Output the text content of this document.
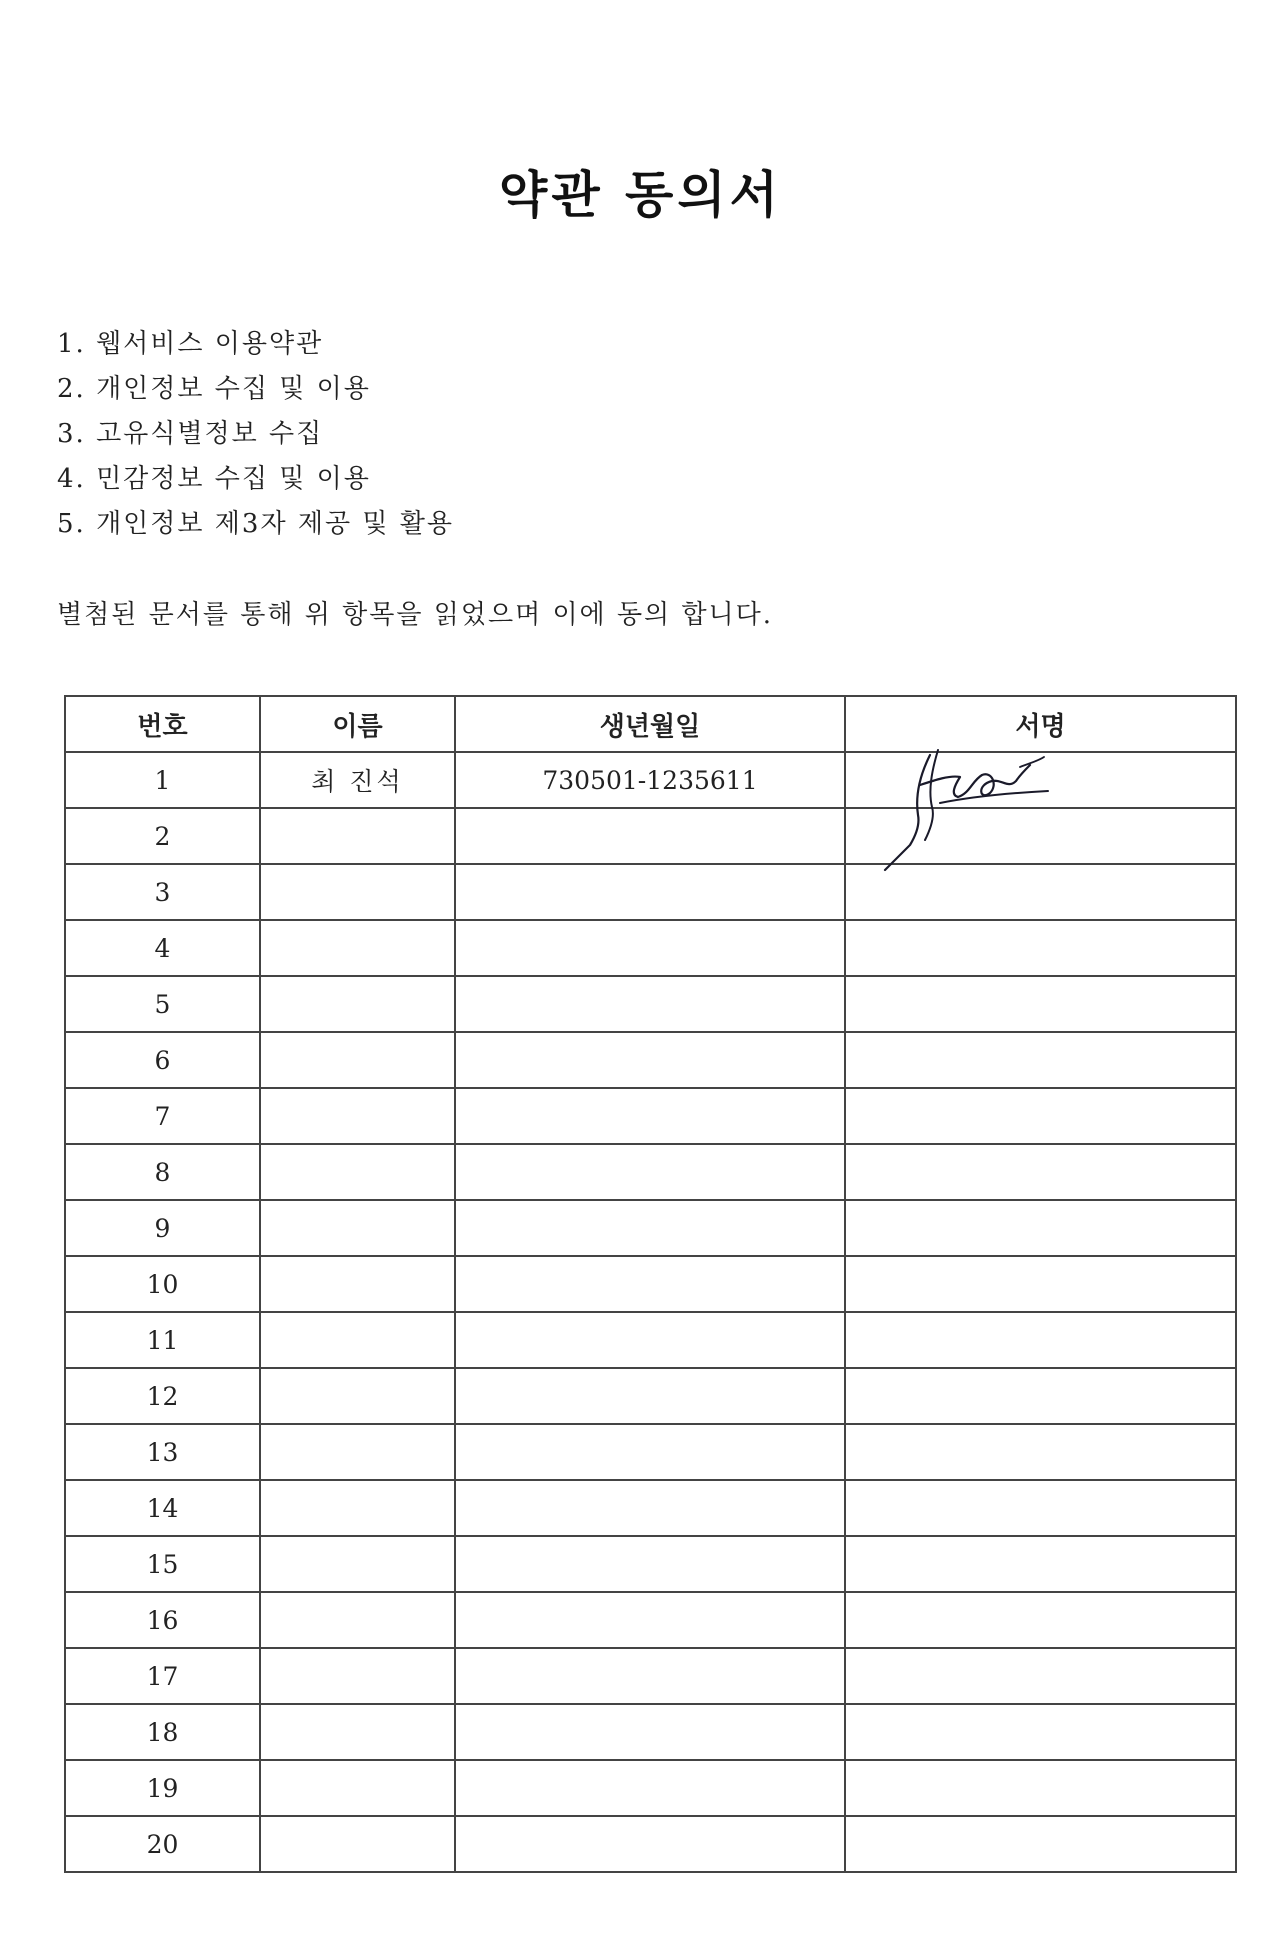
약관 동의서
1. 웹서비스 이용약관
2. 개인정보 수집 및 이용
3. 고유식별정보 수집
4. 민감정보 수집 및 이용
5. 개인정보 제3자 제공 및 활용
별첨된 문서를 통해 위 항목을 읽었으며 이에 동의 합니다.
번호	이름	생년월일	서명
1	최 진석	730501-1235611	
2			
3			
4			
5			
6			
7			
8			
9			
10			
11			
12			
13			
14			
15			
16			
17			
18			
19			
20			
